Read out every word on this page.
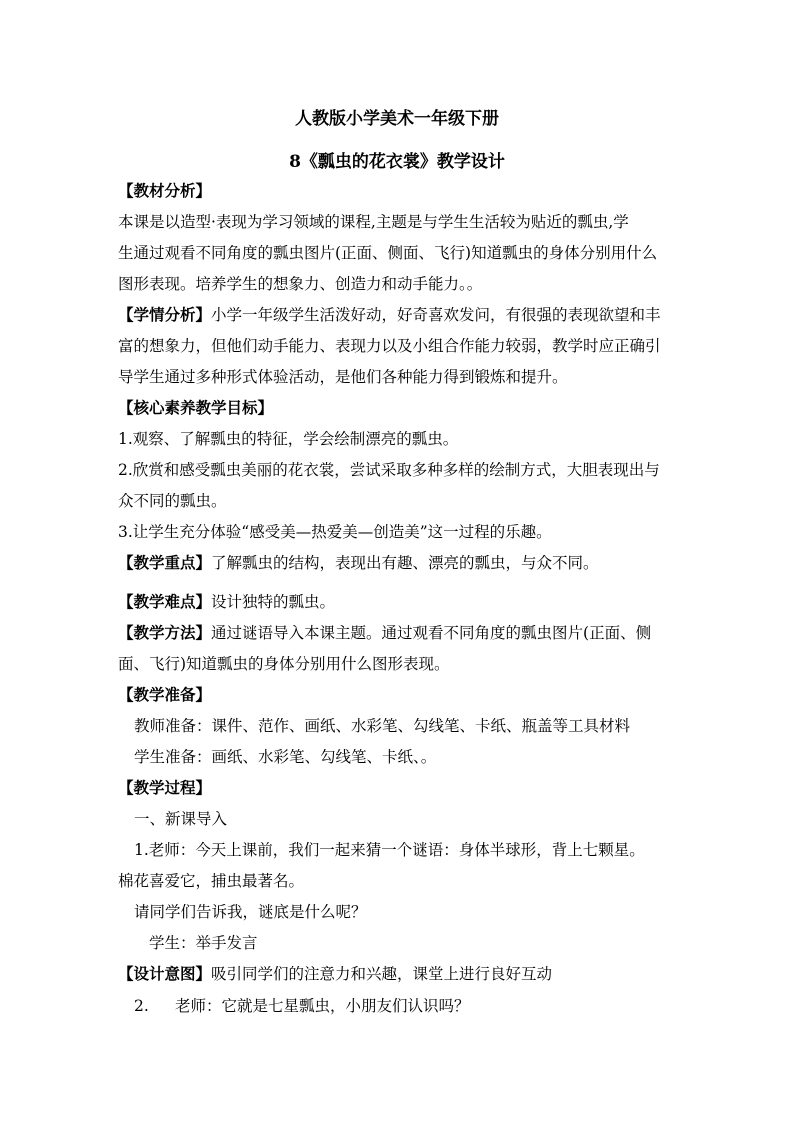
人教版小学美术一年级下册
8《瓢虫的花衣裳》教学设计
【教材分析】
本课是以造型·表现为学习领域的课程,主题是与学生生活较为贴近的瓢虫,学
生通过观看不同角度的瓢虫图片(正面、侧面、飞行)知道瓢虫的身体分别用什么
图形表现。培养学生的想象力、创造力和动手能力。。
【学情分析】小学一年级学生活泼好动，好奇喜欢发问，有很强的表现欲望和丰
富的想象力，但他们动手能力、表现力以及小组合作能力较弱，教学时应正确引
导学生通过多种形式体验活动，是他们各种能力得到锻炼和提升。
【核心素养教学目标】
1.观察、了解瓢虫的特征，学会绘制漂亮的瓢虫。
2.欣赏和感受瓢虫美丽的花衣裳，尝试采取多种多样的绘制方式，大胆表现出与
众不同的瓢虫。
3.让学生充分体验“感受美—热爱美—创造美”这一过程的乐趣。
【教学重点】了解瓢虫的结构，表现出有趣、漂亮的瓢虫，与众不同。
【教学难点】设计独特的瓢虫。
【教学方法】通过谜语导入本课主题。通过观看不同角度的瓢虫图片(正面、侧
面、飞行)知道瓢虫的身体分别用什么图形表现。
【教学准备】
教师准备：课件、范作、画纸、水彩笔、勾线笔、卡纸、瓶盖等工具材料
学生准备：画纸、水彩笔、勾线笔、卡纸、。
【教学过程】
一、新课导入
1.老师：今天上课前，我们一起来猜一个谜语：身体半球形，背上七颗星。
棉花喜爱它，捕虫最著名。
请同学们告诉我，谜底是什么呢？
学生：举手发言
【设计意图】吸引同学们的注意力和兴趣，课堂上进行良好互动
2. 老师：它就是七星瓢虫，小朋友们认识吗？
